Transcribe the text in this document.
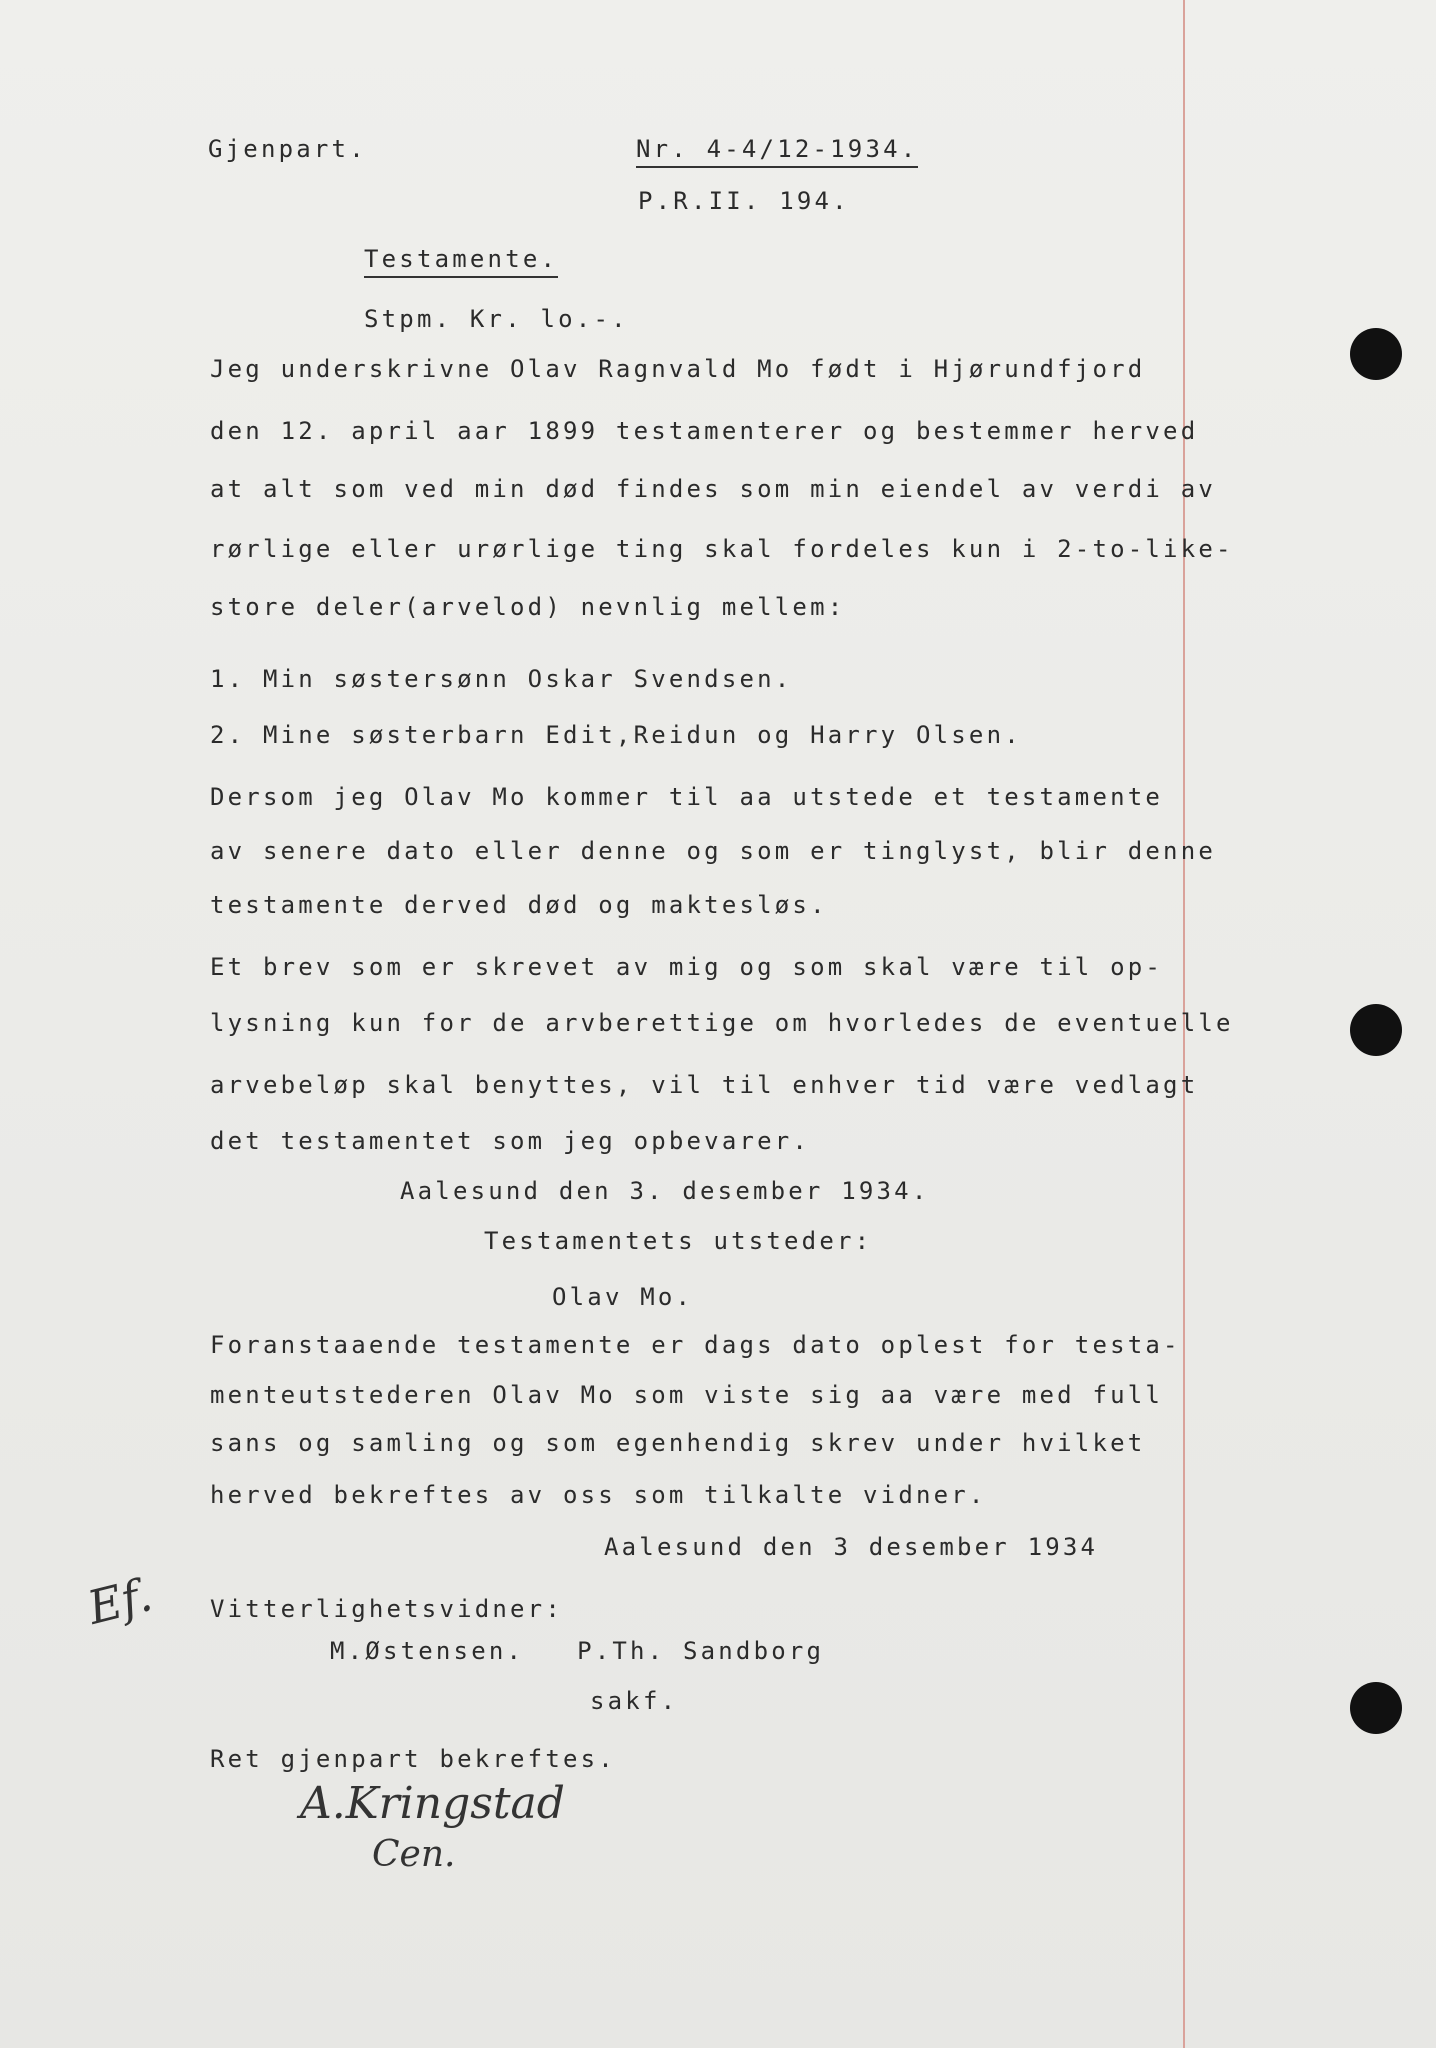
Gjenpart.	Nr. 4-4/12-1934.
P.R.II. 194.
Testamente.
Stpm. Kr. lo.-.
Jeg underskrivne Olav Ragnvald Mo født i Hjørundfjord
den 12. april aar 1899 testamenterer og bestemmer herved
at alt som ved min død findes som min eiendel av verdi av
rørlige eller urørlige ting skal fordeles kun i 2-to-like-
store deler(arvelod) nevnlig mellem:
1. Min søstersønn Oskar Svendsen.
2. Mine søsterbarn Edit,Reidun og Harry Olsen.
Dersom jeg Olav Mo kommer til aa utstede et testamente
av senere dato eller denne og som er tinglyst, blir denne
testamente derved død og maktesløs.
Et brev som er skrevet av mig og som skal være til op-
lysning kun for de arvberettige om hvorledes de eventuelle
arvebeløp skal benyttes, vil til enhver tid være vedlagt
det testamentet som jeg opbevarer.
Aalesund den 3. desember 1934.
Testamentets utsteder:
Olav Mo.
Foranstaaende testamente er dags dato oplest for testa-
menteutstederen Olav Mo som viste sig aa være med full
sans og samling og som egenhendig skrev under hvilket
herved bekreftes av oss som tilkalte vidner.
Aalesund den 3 desember 1934
Ef. Vitterlighetsvidner:
M.Østensen.   P.Th. Sandborg
sakf.
Ret gjenpart bekreftes.
A.Kringstad
Cen.
